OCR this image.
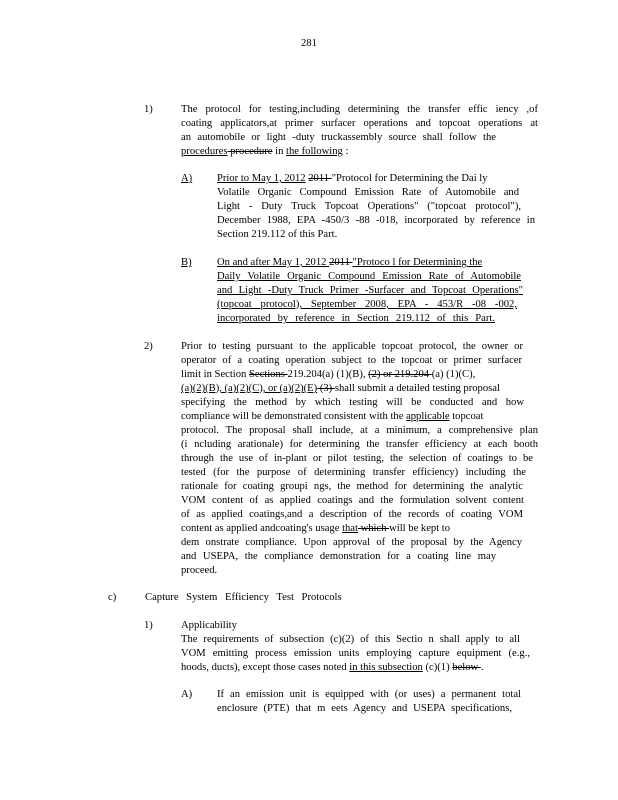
281
1)	The protocol for testing,including determining the transfer effic iency ,of
coating applicators,at primer surfacer operations and topcoat operations at
an automobile or light -duty truckassembly source shall follow the
procedures procedure in the following :
A) Prior to May 1, 2012 2011 "Protocol for Determining the Dai ly
Volatile Organic Compound Emission Rate of Automobile and
Light - Duty Truck Topcoat Operations" ("topcoat protocol"),
December 1988, EPA -450/3 -88 -018, incorporated by reference in
Section 219.112 of this Part.
B) On and after May 1, 2012 2011 "Protoco l for Determining the
Daily Volatile Organic Compound Emission Rate of Automobile
and Light -Duty Truck Primer -Surfacer and Topcoat Operations"
(topcoat protocol), September 2008, EPA - 453/R -08 -002,
incorporated by reference in Section 219.112 of this Part.
2)	Prior to testing pursuant to the applicable topcoat protocol, the owner or
operator of a coating operation subject to the topcoat or primer surfacer
limit in Section Sections 219.204(a) (1)(B), (2) or 219.204 (a) (1)(C),
(a)(2)(B), (a)(2)(C), or (a)(2)(E) (3) shall submit a detailed testing proposal
specifying the method by which testing will be conducted and how
compliance will be demonstrated consistent with the applicable topcoat
protocol. The proposal shall include, at a minimum, a comprehensive plan
(i ncluding arationale) for determining the transfer efficiency at each booth
through the use of in-plant or pilot testing, the selection of coatings to be
tested (for the purpose of determining transfer efficiency) including the
rationale for coating groupi ngs, the method for determining the analytic
VOM content of as applied coatings and the formulation solvent content
of as applied coatings,and a description of the records of coating VOM
content as applied andcoating's usage that which will be kept to
dem onstrate compliance. Upon approval of the proposal by the Agency
and USEPA, the compliance demonstration for a coating line may
proceed.
c)	Capture System Efficiency Test Protocols
1)	Applicability
The requirements of subsection (c)(2) of this Sectio n shall apply to all
VOM emitting process emission units employing capture equipment (e.g.,
hoods, ducts), except those cases noted in this subsection (c)(1) below .
A) If an emission unit is equipped with (or uses) a permanent total
enclosure (PTE) that m eets Agency and USEPA specifications,
